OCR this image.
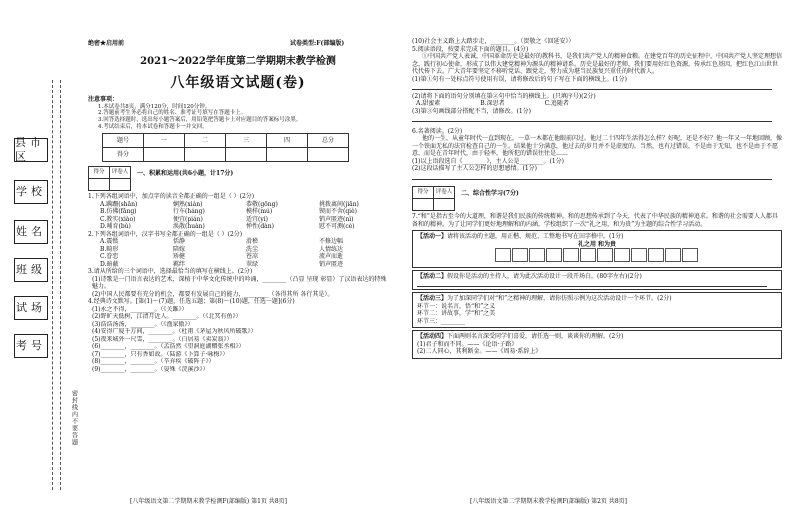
县市区
学校
姓名
班级
试场
考号
密封线内不要答题
绝密★启用前	试卷类型:F(部编版)
2021～2022学年度第二学期期末教学检测
八年级语文试题(卷)
注意事项：
1.本试卷共8页，满分120分，时间120分钟。
2.答题前考生务必将自己的姓名、准考证号填写在答题卡上。
3.回答选择题时，选出每小题答案后，用铅笔把答题卡上对应题目的答案标号涂黑。
4.考试结束后，将本试卷和答题卡一并交回。
题号	一	二	三	四	总分
得分					
得分	评卷人
	一、积累和运用(共6小题，计17分)
1.下列各组词语中，加点字的读音全都正确的一组是（ ）(2分)
A.蹒跚(shān)	娴熟(xián)	恭敬(gōng)	挑拨离间(jiān)
B.仿佛(fǎng)	行车(háng)	模样(mú)	锲而不舍(qiè)
C.教实(xiào)	便宜(pián)	适宜(yí)	销声匿迹(nì)
D.哺育(bǔ)	涣散(huàn)	惮性(dàn)	慰不可测(cè)
2.下列各组词语中，汉字书写全都正确的一组是（ ）(2分)
A.震慑	恬静	滑稽	不修边幅
B.畸形	陪嫁	洗尘	人情练达
C.眷恋	矫健	苍凉	流声而逝
D.暗蔽	羁绊	翠绿	销声匿迹
3.请从所给的三个词语中，选择最恰当的填写在横线上。(2分)
(1)诗歌是一门语言表达的艺术，深植于中华文化传统中的吟诵，________（凸显 呈现 彰显）了汉语表达的特殊魅力。
(2)中国人民都要有充分的机会，都要有发展自己的能力，________（各得其所 各行其是）。
4.经典诗文默写。[第(1)～(7)题，任选五题；第(8)～(10)题，任选一题](6分)
(1)永之不得，________。（《关雎》）
(2)野旷天低树，江清月近人。________。（《北冥有鱼》）
(3)浩浩汤汤，________。（《渔家傲》）
(4)安得广厦千万间，________。（杜甫《茅屋为秋风所破歌》）
(5)夜来城外一尺雪，________。（白居易《卖炭翁》）
(6)________，________。（孟浩然《望洞庭湖赠张丞相》）
(7)________，只有香如故。（陆游《卜算子·咏梅》）
(8)________，________。（辛弃疾《破阵子》）
(9)________，________。（晏殊《浣溪沙》）
(10)社会主义路上大踏步走，________。（贺敬之《回延安》）
5.阅读语段，按要求完成下面的题目。(4分)
①中国共产党人表诚，中国革命历史是最好的教科书，是我们共产党人的精神食粮。在建党百年的历史征程中，中国共产党人坚定理想信念，践行初心使命，形成了以伟大建党精神为源头的精神谱系。历史是最好的老师，我们要用好红色资源，传承红色基因，把红色江山世世代代传下去。广大青年要坚定不移听党话、跟党走，努力成为堪当民族复兴重任的时代新人。
(1)第①句有一处标点符号使用有误，请将修改后的句子写在下面的横线上。(1分)
(2)请将下面的语句分别填在第②句中恰当的横线上。(只填序号)(2分)
A.甜蜜素	B.深思者	C.追随者
(3)第③句画线部分搭配不当，请修改。(1分)
6.名著阅读。(2分)
他的一生，从童年时代一直到现在，一草一木都在他眼前闪过。他过二十四年生活得怎么样？好呢，还是不好？他一年又一年地回顾，像一个铁面无私的法官检查自己的一生。结果他十分满意，他过去的岁月并不是虚度的。当然，也有过错误，不是由于无知，也不是由于不愿意，而是在青年时代，由于轻率，他所犯的错误往往是……
(1)以上语段选自《________》，主人公是________。(1分)
(2)这段话描写了主人公怎样的思想感情。(1分)
得分	评卷人
	二、综合性学习(7分)
7.“和”是指古至今的大道理，和谐是我们民族的传统精神。和的思想传承到了今天，代表了中华民族的精神追求。和谐的社会需要人人都具备和的精神。为了让同学们更好地理解和的内涵，学校组织了一次“礼之用，和为贵”为主题的综合性学习活动。
【活动一】请将该活动的主题，用正楷、规范、工整地书写在田字格中。(1分)
礼之用 和为贵
【活动二】假设你是活动的主持人，请为此次活动设计一段开场白。(80字左右)(2分)
【活动三】为了加深同学们对“和”之精神的理解，请你仿照示例为这次活动设计一个环节。(2分)
环节一：说名言，悟“和”之义
环节二：讲故事，学“和”之美
环节三：________
【活动四】下面两则名言深受同学们喜爱，请任选一则，谈谈你的理解。(2分)
(1)君子和而不同。——《论语·子路》
(2)二人同心，其利断金。——《周易·系辞上》
[八年级语文第二学期期末教学检测F(部编版) 第1页 共8页]	[八年级语文第二学期期末教学检测F(部编版) 第2页 共8页]
